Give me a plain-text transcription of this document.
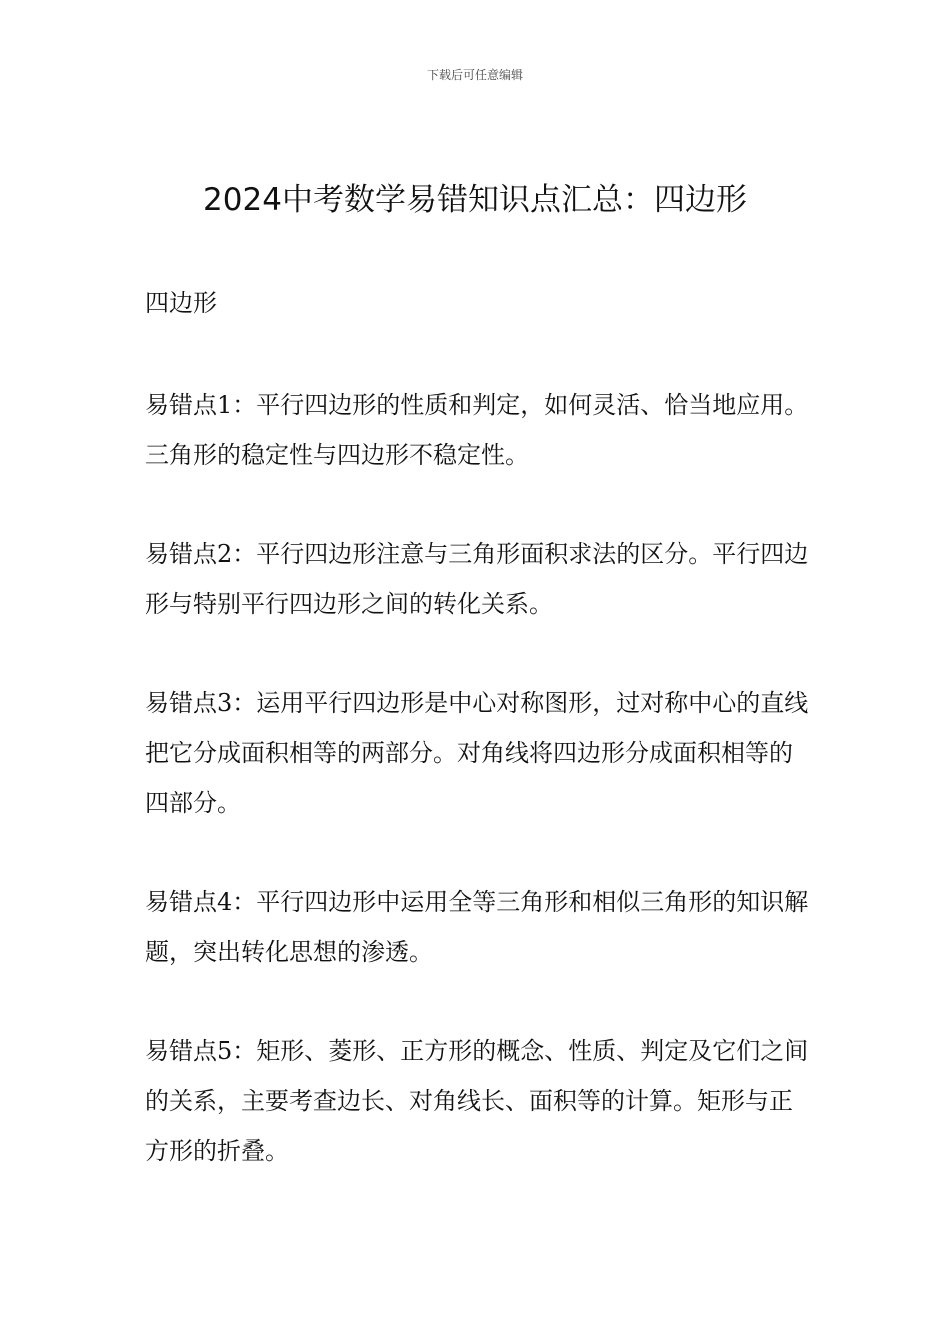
下载后可任意编辑
2024中考数学易错知识点汇总：四边形
四边形

易错点1：平行四边形的性质和判定，如何灵活、恰当地应用。三角形的稳定性与四边形不稳定性。

易错点2：平行四边形注意与三角形面积求法的区分。平行四边形与特别平行四边形之间的转化关系。

易错点3：运用平行四边形是中心对称图形，过对称中心的直线把它分成面积相等的两部分。对角线将四边形分成面积相等的四部分。

易错点4：平行四边形中运用全等三角形和相似三角形的知识解题，突出转化思想的渗透。

易错点5：矩形、菱形、正方形的概念、性质、判定及它们之间的关系，主要考查边长、对角线长、面积等的计算。矩形与正方形的折叠。
